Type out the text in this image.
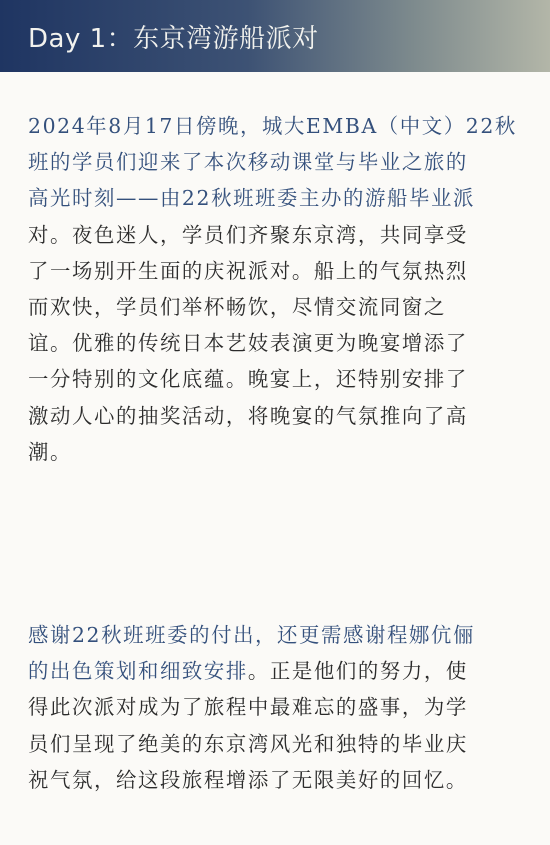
Day 1：东京湾游船派对

2024年8月17日傍晚，城大EMBA（中文）22秋
班的学员们迎来了本次移动课堂与毕业之旅的
高光时刻——由22秋班班委主办的游船毕业派
对。夜色迷人，学员们齐聚东京湾，共同享受
了一场别开生面的庆祝派对。船上的气氛热烈
而欢快，学员们举杯畅饮，尽情交流同窗之
谊。优雅的传统日本艺妓表演更为晚宴增添了
一分特别的文化底蕴。晚宴上，还特别安排了
激动人心的抽奖活动，将晚宴的气氛推向了高
潮。

感谢22秋班班委的付出，还更需感谢程娜伉俪
的出色策划和细致安排。正是他们的努力，使
得此次派对成为了旅程中最难忘的盛事，为学
员们呈现了绝美的东京湾风光和独特的毕业庆
祝气氛，给这段旅程增添了无限美好的回忆。
